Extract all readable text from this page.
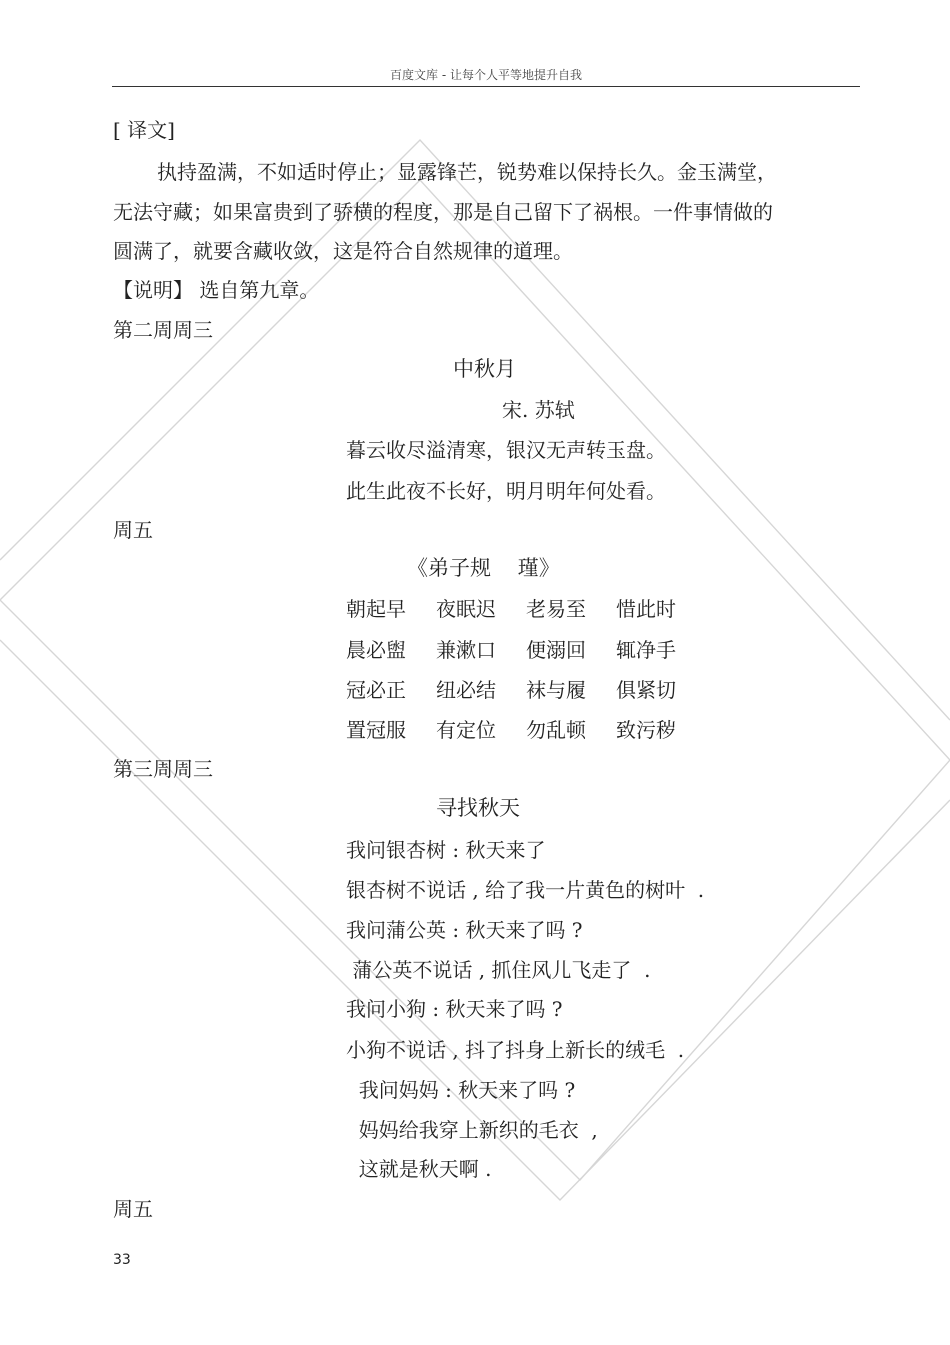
百度文库 - 让每个人平等地提升自我
[ 译文]
执持盈满，不如适时停止；显露锋芒，锐势难以保持长久。金玉满堂，
无法守藏；如果富贵到了骄横的程度，那是自己留下了祸根。一件事情做的
圆满了，就要含藏收敛，这是符合自然规律的道理。
【说明】 选自第九章。
第二周周三
中秋月
宋. 苏轼
暮云收尽溢清寒，银汉无声转玉盘。
此生此夜不长好，明月明年何处看。
周五
《弟子规    瑾》
朝起早 夜眠迟 老易至 惜此时
晨必盥 兼漱口 便溺回 辄净手
冠必正 纽必结 袜与履 俱紧切
置冠服 有定位 勿乱顿 致污秽
第三周周三
寻找秋天
我问银杏树 : 秋天来了
银杏树不说话 , 给了我一片黄色的树叶  .
我问蒲公英 : 秋天来了吗 ?
蒲公英不说话 , 抓住风儿飞走了  .
我问小狗 : 秋天来了吗 ?
小狗不说话 , 抖了抖身上新长的绒毛  .
我问妈妈 : 秋天来了吗 ?
妈妈给我穿上新织的毛衣  ,
这就是秋天啊 .
周五
33
